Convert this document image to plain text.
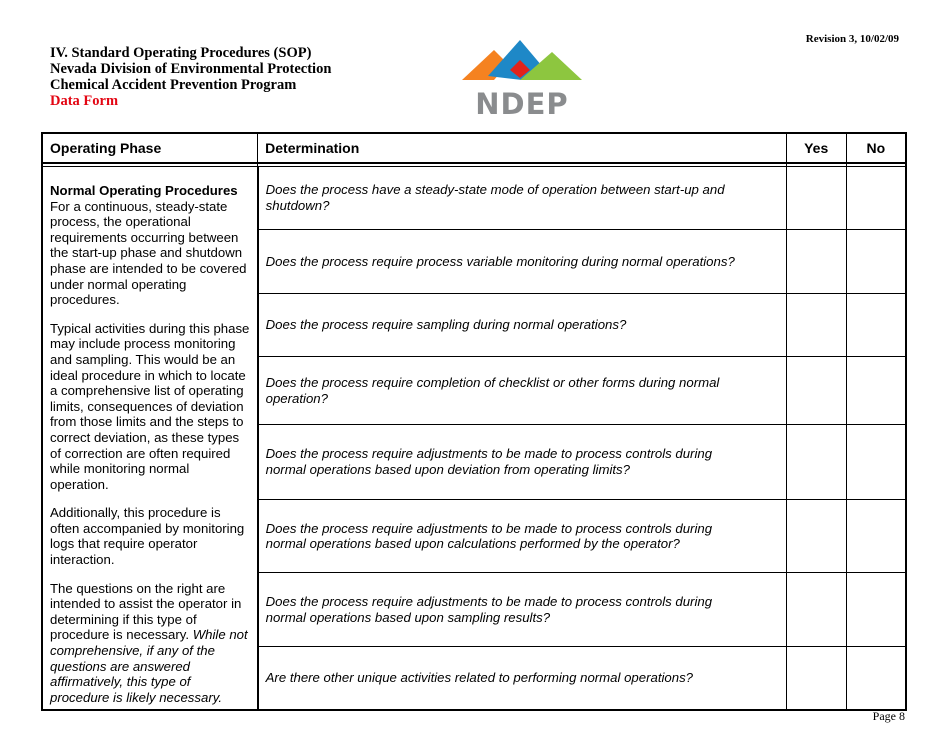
Revision 3, 10/02/09
IV. Standard Operating Procedures (SOP)
Nevada Division of Environmental Protection
Chemical Accident Prevention Program
Data Form	NDEP
Operating Phase	Determination	Yes	No

Normal Operating Procedures
For a continuous, steady-state process, the operational requirements occurring between the start-up phase and shutdown phase are intended to be covered under normal operating procedures.

Typical activities during this phase may include process monitoring and sampling. This would be an ideal procedure in which to locate a comprehensive list of operating limits, consequences of deviation from those limits and the steps to correct deviation, as these types of correction are often required while monitoring normal operation.

Additionally, this procedure is often accompanied by monitoring logs that require operator interaction.

The questions on the right are intended to assist the operator in determining if this type of procedure is necessary. While not comprehensive, if any of the questions are answered affirmatively, this type of procedure is likely necessary.	Does the process have a steady-state mode of operation between start-up and shutdown?		
	Does the process require process variable monitoring during normal operations?		
	Does the process require sampling during normal operations?		
	Does the process require completion of checklist or other forms during normal operation?		
	Does the process require adjustments to be made to process controls during normal operations based upon deviation from operating limits?		
	Does the process require adjustments to be made to process controls during normal operations based upon calculations performed by the operator?		
	Does the process require adjustments to be made to process controls during normal operations based upon sampling results?		
	Are there other unique activities related to performing normal operations?		
Page 8
